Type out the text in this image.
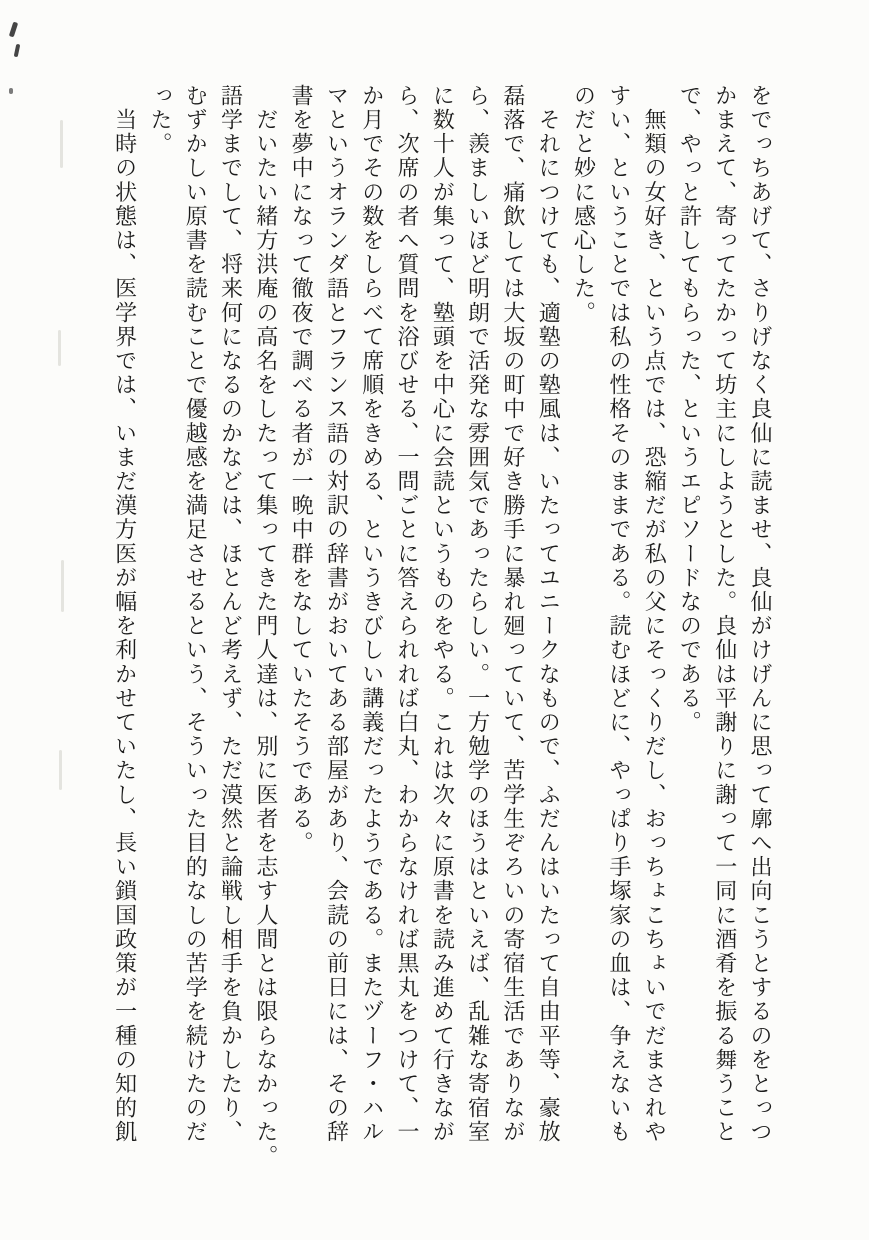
をでっちあげて、さりげなく良仙に読ませ、良仙がけげんに思って廓へ出向こうとするのをとっつ
かまえて、寄ってたかって坊主にしようとした。良仙は平謝りに謝って一同に酒肴を振る舞うこと
で、やっと許してもらった、というエピソードなのである。
　無類の女好き、という点では、恐縮だが私の父にそっくりだし、おっちょこちょいでだまされや
すい、ということでは私の性格そのままである。読むほどに、やっぱり手塚家の血は、争えないも
のだと妙に感心した。
　それにつけても、適塾の塾風は、いたってユニークなもので、ふだんはいたって自由平等、豪放
磊落で、痛飲しては大坂の町中で好き勝手に暴れ廻っていて、苦学生ぞろいの寄宿生活でありなが
ら、羨ましいほど明朗で活発な雰囲気であったらしい。一方勉学のほうはといえば、乱雑な寄宿室
に数十人が集って、塾頭を中心に会読というものをやる。これは次々に原書を読み進めて行きなが
ら、次席の者へ質問を浴びせる、一問ごとに答えられれば白丸、わからなければ黒丸をつけて、一
か月でその数をしらべて席順をきめる、というきびしい講義だったようである。またヅーフ・ハル
マというオランダ語とフランス語の対訳の辞書がおいてある部屋があり、会読の前日には、その辞
書を夢中になって徹夜で調べる者が一晩中群をなしていたそうである。
　だいたい緒方洪庵の高名をしたって集ってきた門人達は、別に医者を志す人間とは限らなかった。
語学までして、将来何になるのかなどは、ほとんど考えず、ただ漠然と論戦し相手を負かしたり、
むずかしい原書を読むことで優越感を満足させるという、そういった目的なしの苦学を続けたのだ
った。
　当時の状態は、医学界では、いまだ漢方医が幅を利かせていたし、長い鎖国政策が一種の知的飢
